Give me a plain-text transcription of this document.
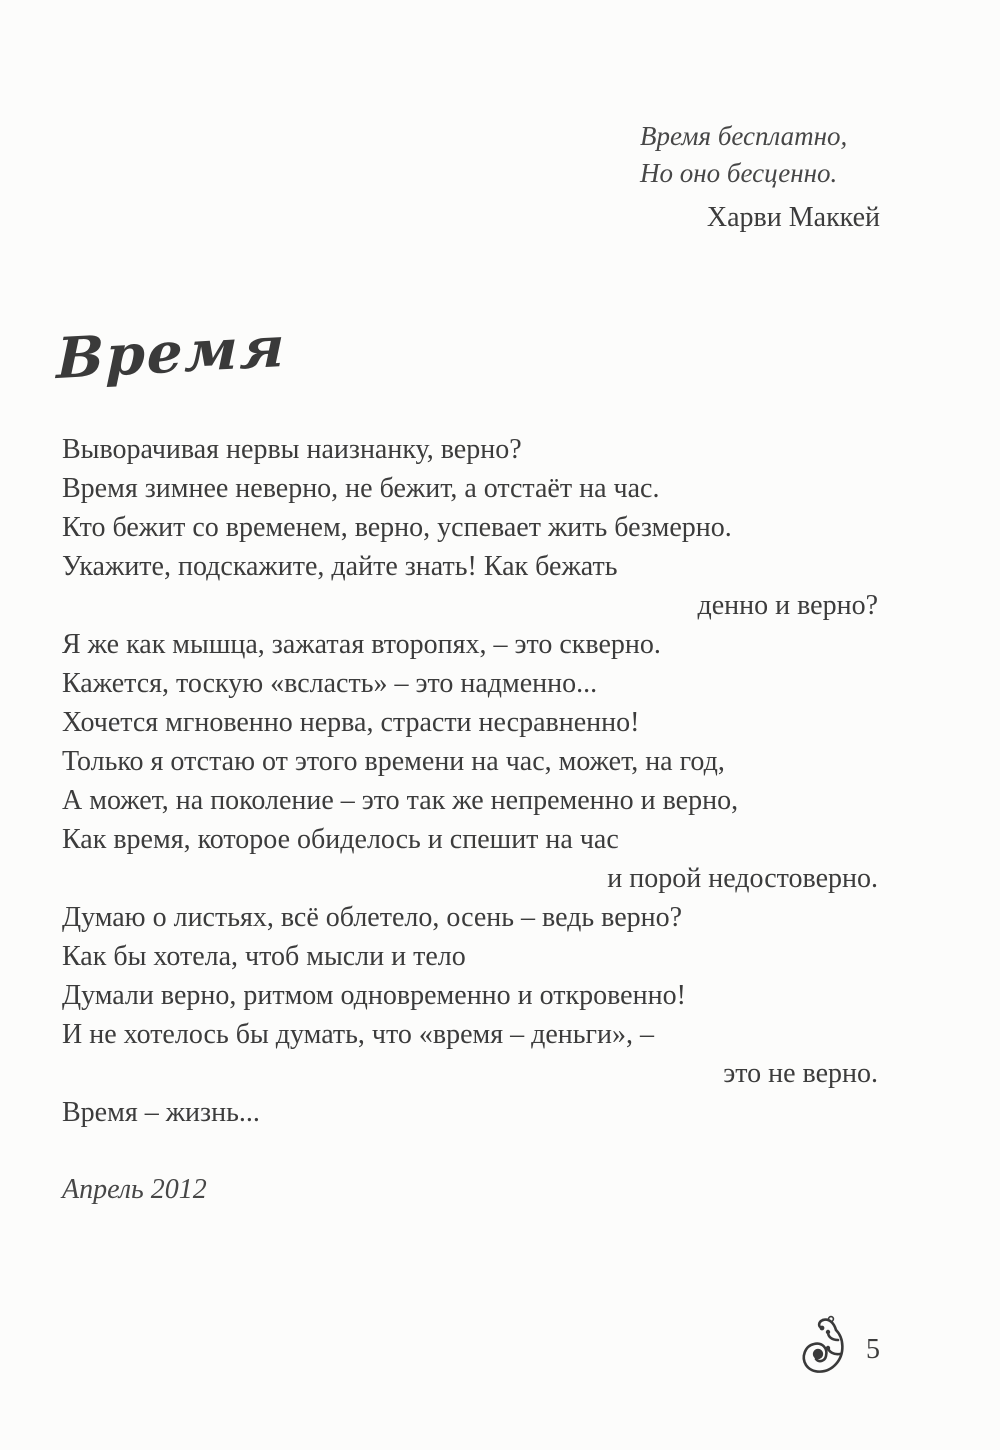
Время бесплатно,
Но оно бесценно.
Харви Маккей
Время
Выворачивая нервы наизнанку, верно?
Время зимнее неверно, не бежит, а отстаёт на час.
Кто бежит со временем, верно, успевает жить безмерно.
Укажите, подскажите, дайте знать! Как бежать
денно и верно?
Я же как мышца, зажатая второпях, – это скверно.
Кажется, тоскую «всласть» – это надменно...
Хочется мгновенно нерва, страсти несравненно!
Только я отстаю от этого времени на час, может, на год,
А может, на поколение – это так же непременно и верно,
Как время, которое обиделось и спешит на час
и порой недостоверно.
Думаю о листьях, всё облетело, осень – ведь верно?
Как бы хотела, чтоб мысли и тело
Думали верно, ритмом одновременно и откровенно!
И не хотелось бы думать, что «время – деньги», –
это не верно.
Время – жизнь...
Апрель 2012
5
